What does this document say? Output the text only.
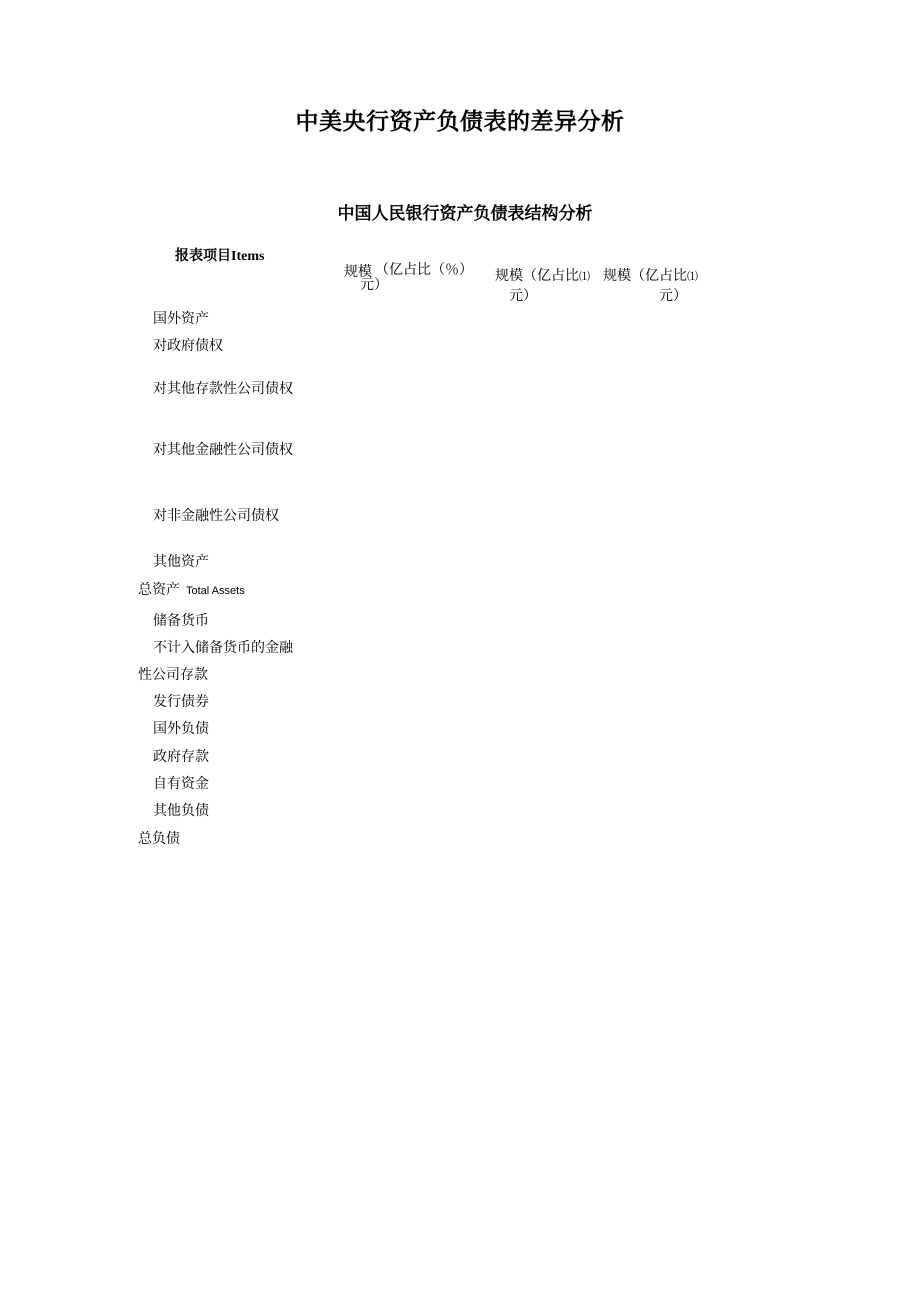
中美央行资产负债表的差异分析
中国人民银行资产负债表结构分析
报表项目Items
规模 （亿占比（％）
元）
规模（亿占比⑴
元）
规模（亿占比⑴
元）
国外资产
对政府债权
对其他存款性公司债权
对其他金融性公司债权
对非金融性公司债权
其他资产
总资产 Total Assets
储备货币
不计入储备货币的金融
性公司存款
发行债券
国外负债
政府存款
自有资金
其他负债
总负债
